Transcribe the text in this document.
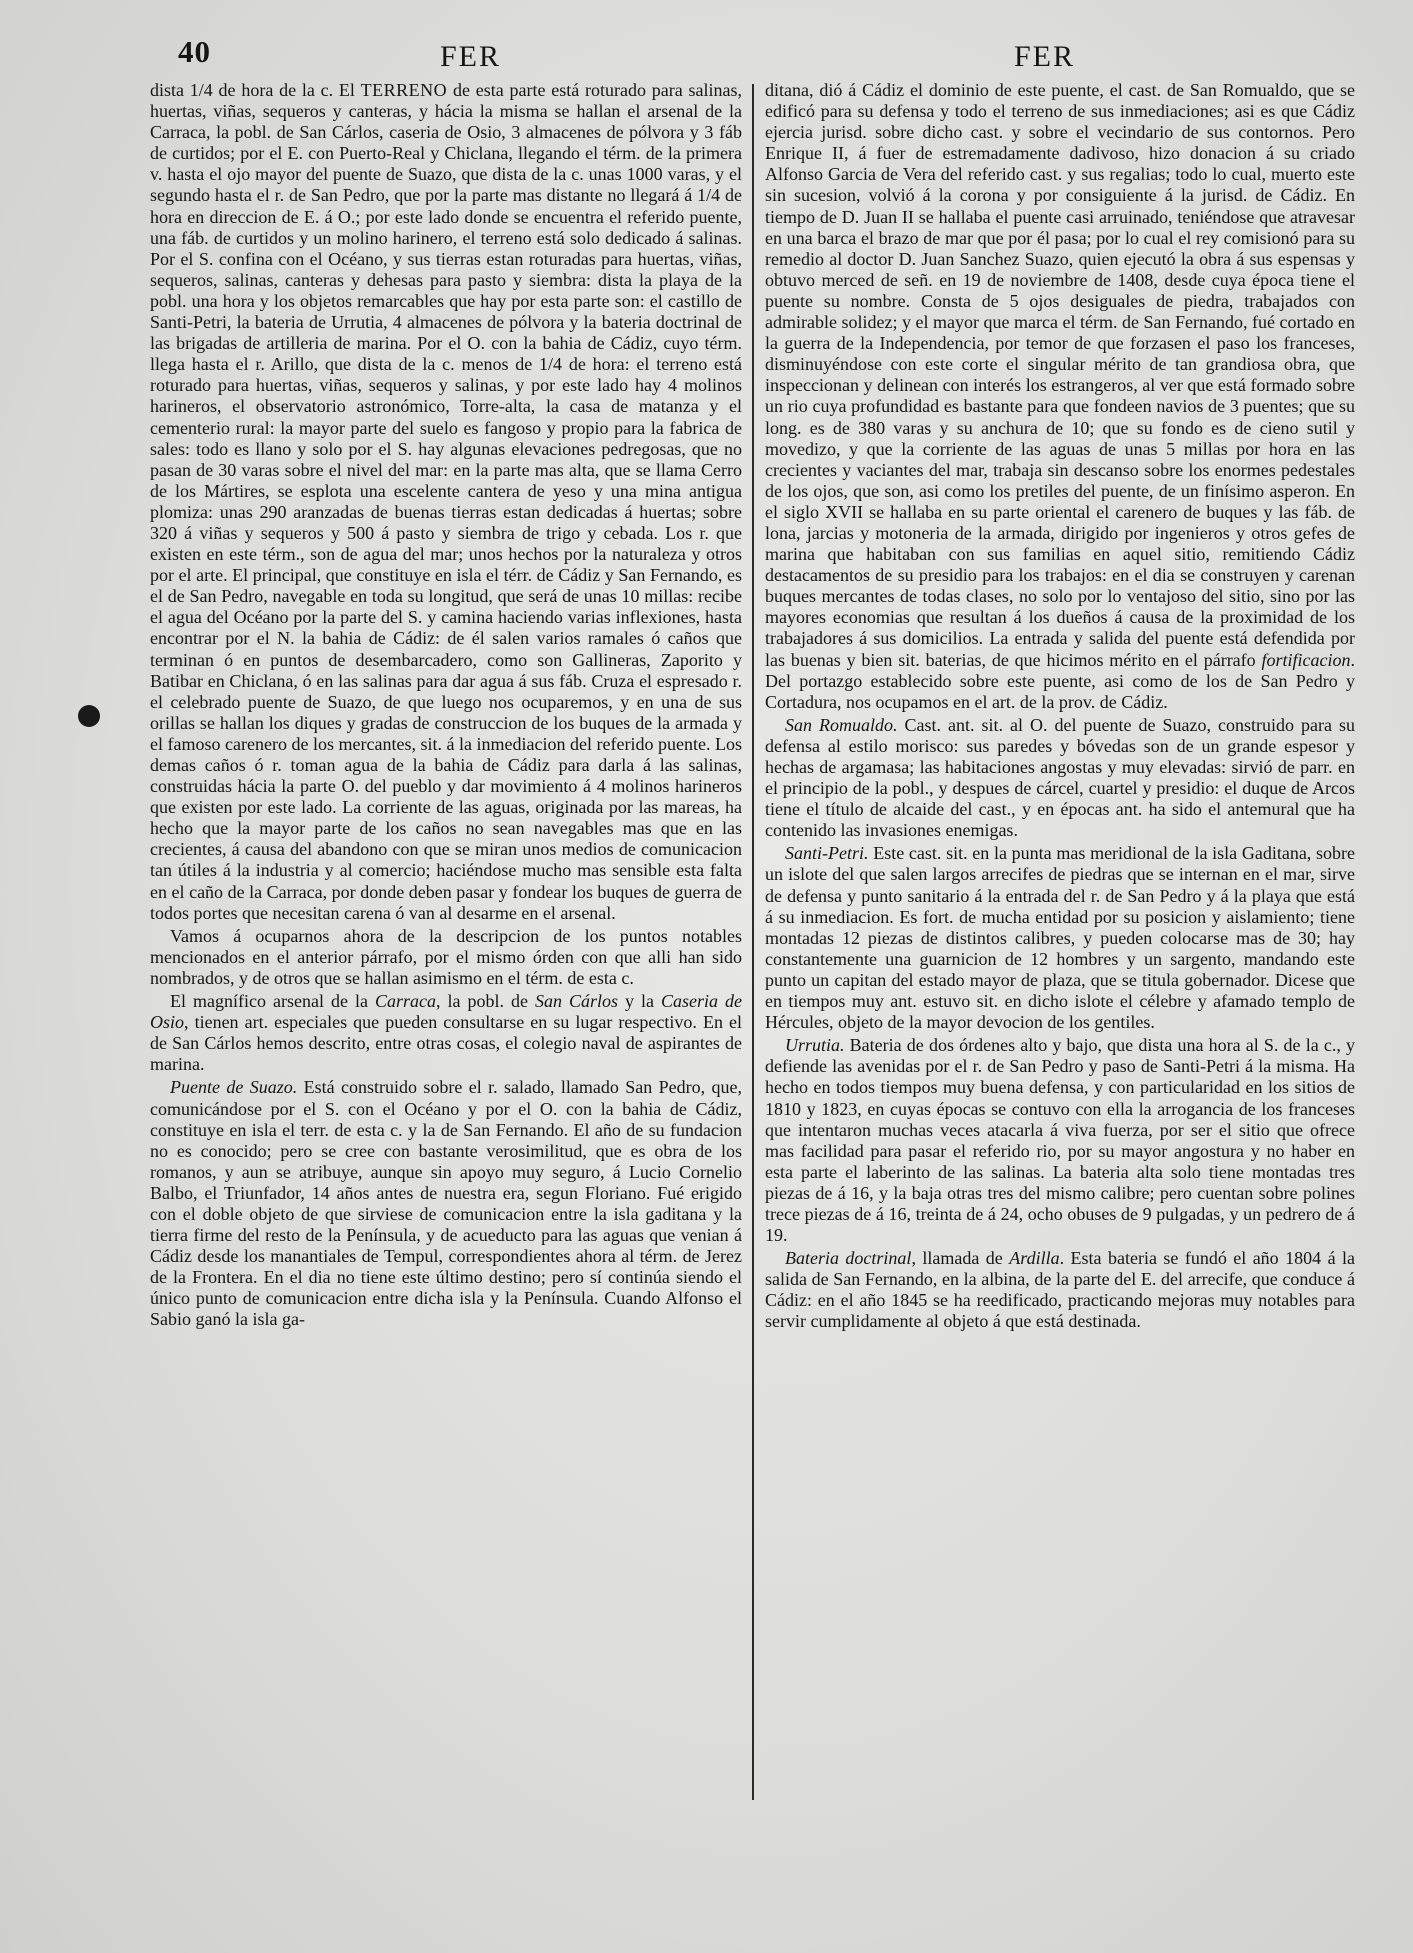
40	FER	FER

dista 1/4 de hora de la c. El TERRENO de esta parte está roturado para salinas, huertas, viñas, sequeros y canteras, y hácia la misma se hallan el arsenal de la Carraca, la pobl. de San Cárlos, caseria de Osio, 3 almacenes de pólvora y 3 fáb de curtidos; por el E. con Puerto-Real y Chiclana, llegando el térm. de la primera v. hasta el ojo mayor del puente de Suazo, que dista de la c. unas 1000 varas, y el segundo hasta el r. de San Pedro, que por la parte mas distante no llegará á 1/4 de hora en direccion de E. á O.; por este lado donde se encuentra el referido puente, una fáb. de curtidos y un molino harinero, el terreno está solo dedicado á salinas. Por el S. confina con el Océano, y sus tierras estan roturadas para huertas, viñas, sequeros, salinas, canteras y dehesas para pasto y siembra: dista la playa de la pobl. una hora y los objetos remarcables que hay por esta parte son: el castillo de Santi-Petri, la bateria de Urrutia, 4 almacenes de pólvora y la bateria doctrinal de las brigadas de artilleria de marina. Por el O. con la bahia de Cádiz, cuyo térm. llega hasta el r. Arillo, que dista de la c. menos de 1/4 de hora: el terreno está roturado para huertas, viñas, sequeros y salinas, y por este lado hay 4 molinos harineros, el observatorio astronómico, Torre-alta, la casa de matanza y el cementerio rural: la mayor parte del suelo es fangoso y propio para la fabrica de sales: todo es llano y solo por el S. hay algunas elevaciones pedregosas, que no pasan de 30 varas sobre el nivel del mar: en la parte mas alta, que se llama Cerro de los Mártires, se esplota una escelente cantera de yeso y una mina antigua plomiza: unas 290 aranzadas de buenas tierras estan dedicadas á huertas; sobre 320 á viñas y sequeros y 500 á pasto y siembra de trigo y cebada. Los r. que existen en este térm., son de agua del mar; unos hechos por la naturaleza y otros por el arte. El principal, que constituye en isla el térr. de Cádiz y San Fernando, es el de San Pedro, navegable en toda su longitud, que será de unas 10 millas: recibe el agua del Océano por la parte del S. y camina haciendo varias inflexiones, hasta encontrar por el N. la bahia de Cádiz: de él salen varios ramales ó caños que terminan ó en puntos de desembarcadero, como son Gallineras, Zaporito y Batibar en Chiclana, ó en las salinas para dar agua á sus fáb. Cruza el espresado r. el celebrado puente de Suazo, de que luego nos ocuparemos, y en una de sus orillas se hallan los diques y gradas de construccion de los buques de la armada y el famoso carenero de los mercantes, sit. á la inmediacion del referido puente. Los demas caños ó r. toman agua de la bahia de Cádiz para darla á las salinas, construidas hácia la parte O. del pueblo y dar movimiento á 4 molinos harineros que existen por este lado. La corriente de las aguas, originada por las mareas, ha hecho que la mayor parte de los caños no sean navegables mas que en las crecientes, á causa del abandono con que se miran unos medios de comunicacion tan útiles á la industria y al comercio; haciéndose mucho mas sensible esta falta en el caño de la Carraca, por donde deben pasar y fondear los buques de guerra de todos portes que necesitan carena ó van al desarme en el arsenal.

Vamos á ocuparnos ahora de la descripcion de los puntos notables mencionados en el anterior párrafo, por el mismo órden con que alli han sido nombrados, y de otros que se hallan asimismo en el térm. de esta c.

El magnífico arsenal de la Carraca, la pobl. de San Cárlos y la Caseria de Osio, tienen art. especiales que pueden consultarse en su lugar respectivo. En el de San Cárlos hemos descrito, entre otras cosas, el colegio naval de aspirantes de marina.

Puente de Suazo. Está construido sobre el r. salado, llamado San Pedro, que, comunicándose por el S. con el Océano y por el O. con la bahia de Cádiz, constituye en isla el terr. de esta c. y la de San Fernando. El año de su fundacion no es conocido; pero se cree con bastante verosimilitud, que es obra de los romanos, y aun se atribuye, aunque sin apoyo muy seguro, á Lucio Cornelio Balbo, el Triunfador, 14 años antes de nuestra era, segun Floriano. Fué erigido con el doble objeto de que sirviese de comunicacion entre la isla gaditana y la tierra firme del resto de la Península, y de acueducto para las aguas que venian á Cádiz desde los manantiales de Tempul, correspondientes ahora al térm. de Jerez de la Frontera. En el dia no tiene este último destino; pero sí continúa siendo el único punto de comunicacion entre dicha isla y la Península. Cuando Alfonso el Sabio ganó la isla ga-

ditana, dió á Cádiz el dominio de este puente, el cast. de San Romualdo, que se edificó para su defensa y todo el terreno de sus inmediaciones; asi es que Cádiz ejercia jurisd. sobre dicho cast. y sobre el vecindario de sus contornos. Pero Enrique II, á fuer de estremadamente dadivoso, hizo donacion á su criado Alfonso Garcia de Vera del referido cast. y sus regalias; todo lo cual, muerto este sin sucesion, volvió á la corona y por consiguiente á la jurisd. de Cádiz. En tiempo de D. Juan II se hallaba el puente casi arruinado, teniéndose que atravesar en una barca el brazo de mar que por él pasa; por lo cual el rey comisionó para su remedio al doctor D. Juan Sanchez Suazo, quien ejecutó la obra á sus espensas y obtuvo merced de señ. en 19 de noviembre de 1408, desde cuya época tiene el puente su nombre. Consta de 5 ojos desiguales de piedra, trabajados con admirable solidez; y el mayor que marca el térm. de San Fernando, fué cortado en la guerra de la Independencia, por temor de que forzasen el paso los franceses, disminuyéndose con este corte el singular mérito de tan grandiosa obra, que inspeccionan y delinean con interés los estrangeros, al ver que está formado sobre un rio cuya profundidad es bastante para que fondeen navios de 3 puentes; que su long. es de 380 varas y su anchura de 10; que su fondo es de cieno sutil y movedizo, y que la corriente de las aguas de unas 5 millas por hora en las crecientes y vaciantes del mar, trabaja sin descanso sobre los enormes pedestales de los ojos, que son, asi como los pretiles del puente, de un finísimo asperon. En el siglo XVII se hallaba en su parte oriental el carenero de buques y las fáb. de lona, jarcias y motoneria de la armada, dirigido por ingenieros y otros gefes de marina que habitaban con sus familias en aquel sitio, remitiendo Cádiz destacamentos de su presidio para los trabajos: en el dia se construyen y carenan buques mercantes de todas clases, no solo por lo ventajoso del sitio, sino por las mayores economias que resultan á los dueños á causa de la proximidad de los trabajadores á sus domicilios. La entrada y salida del puente está defendida por las buenas y bien sit. baterias, de que hicimos mérito en el párrafo fortificacion. Del portazgo establecido sobre este puente, asi como de los de San Pedro y Cortadura, nos ocupamos en el art. de la prov. de Cádiz.

San Romualdo. Cast. ant. sit. al O. del puente de Suazo, construido para su defensa al estilo morisco: sus paredes y bóvedas son de un grande espesor y hechas de argamasa; las habitaciones angostas y muy elevadas: sirvió de parr. en el principio de la pobl., y despues de cárcel, cuartel y presidio: el duque de Arcos tiene el título de alcaide del cast., y en épocas ant. ha sido el antemural que ha contenido las invasiones enemigas.

Santi-Petri. Este cast. sit. en la punta mas meridional de la isla Gaditana, sobre un islote del que salen largos arrecifes de piedras que se internan en el mar, sirve de defensa y punto sanitario á la entrada del r. de San Pedro y á la playa que está á su inmediacion. Es fort. de mucha entidad por su posicion y aislamiento; tiene montadas 12 piezas de distintos calibres, y pueden colocarse mas de 30; hay constantemente una guarnicion de 12 hombres y un sargento, mandando este punto un capitan del estado mayor de plaza, que se titula gobernador. Dicese que en tiempos muy ant. estuvo sit. en dicho islote el célebre y afamado templo de Hércules, objeto de la mayor devocion de los gentiles.

Urrutia. Bateria de dos órdenes alto y bajo, que dista una hora al S. de la c., y defiende las avenidas por el r. de San Pedro y paso de Santi-Petri á la misma. Ha hecho en todos tiempos muy buena defensa, y con particularidad en los sitios de 1810 y 1823, en cuyas épocas se contuvo con ella la arrogancia de los franceses que intentaron muchas veces atacarla á viva fuerza, por ser el sitio que ofrece mas facilidad para pasar el referido rio, por su mayor angostura y no haber en esta parte el laberinto de las salinas. La bateria alta solo tiene montadas tres piezas de á 16, y la baja otras tres del mismo calibre; pero cuentan sobre polines trece piezas de á 16, treinta de á 24, ocho obuses de 9 pulgadas, y un pedrero de á 19.

Bateria doctrinal, llamada de Ardilla. Esta bateria se fundó el año 1804 á la salida de San Fernando, en la albina, de la parte del E. del arrecife, que conduce á Cádiz: en el año 1845 se ha reedificado, practicando mejoras muy notables para servir cumplidamente al objeto á que está destinada.
